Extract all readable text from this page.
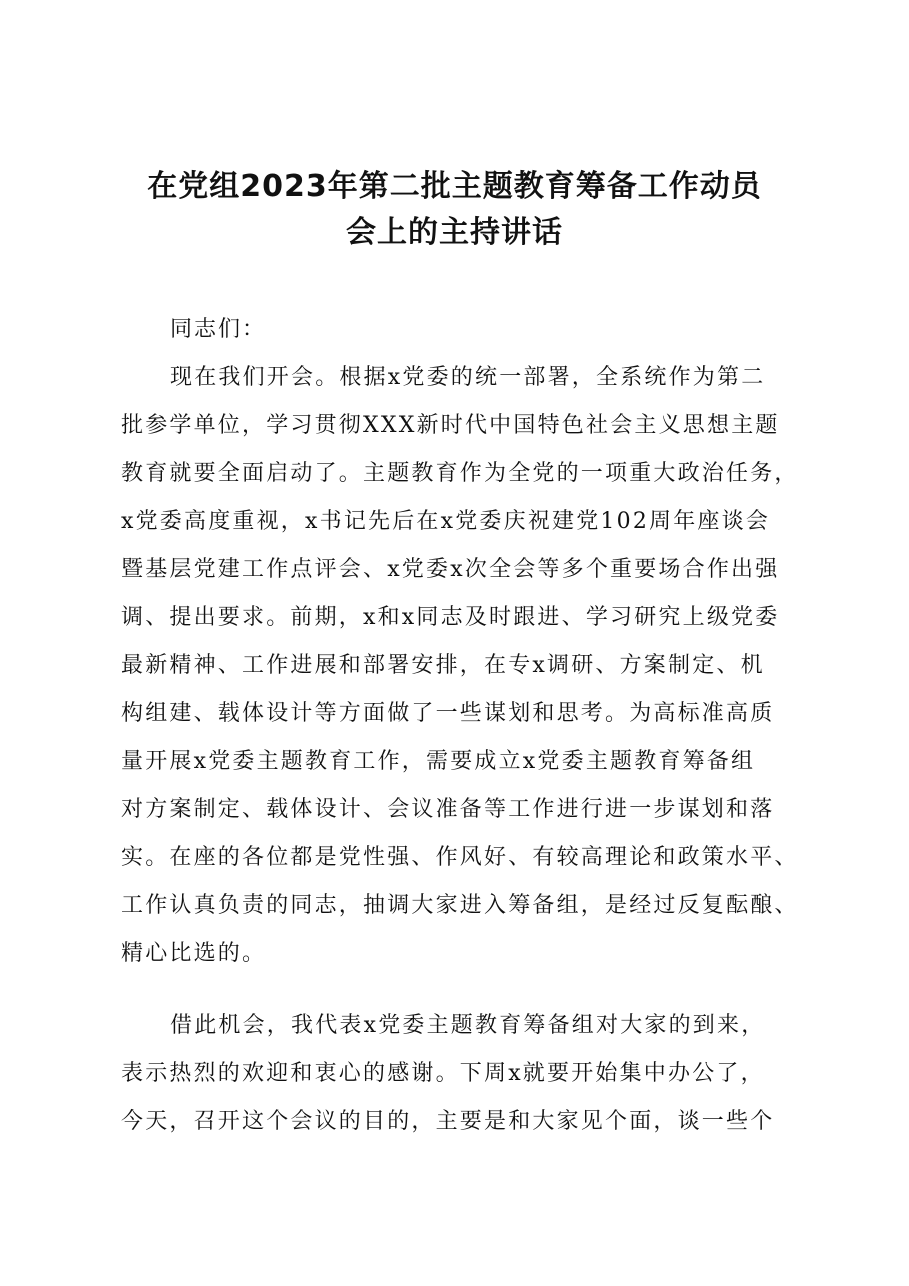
在党组2023年第二批主题教育筹备工作动员
会上的主持讲话

同志们：

现在我们开会。根据x党委的统一部署，全系统作为第二

批参学单位，学习贯彻XXX新时代中国特色社会主义思想主题

教育就要全面启动了。主题教育作为全党的一项重大政治任务，

x党委高度重视，x书记先后在x党委庆祝建党102周年座谈会

暨基层党建工作点评会、x党委x次全会等多个重要场合作出强

调、提出要求。前期，x和x同志及时跟进、学习研究上级党委

最新精神、工作进展和部署安排，在专x调研、方案制定、机

构组建、载体设计等方面做了一些谋划和思考。为高标准高质

量开展x党委主题教育工作，需要成立x党委主题教育筹备组

对方案制定、载体设计、会议准备等工作进行进一步谋划和落

实。在座的各位都是党性强、作风好、有较高理论和政策水平、

工作认真负责的同志，抽调大家进入筹备组，是经过反复酝酿、

精心比选的。

借此机会，我代表x党委主题教育筹备组对大家的到来，

表示热烈的欢迎和衷心的感谢。下周x就要开始集中办公了，

今天，召开这个会议的目的，主要是和大家见个面，谈一些个
